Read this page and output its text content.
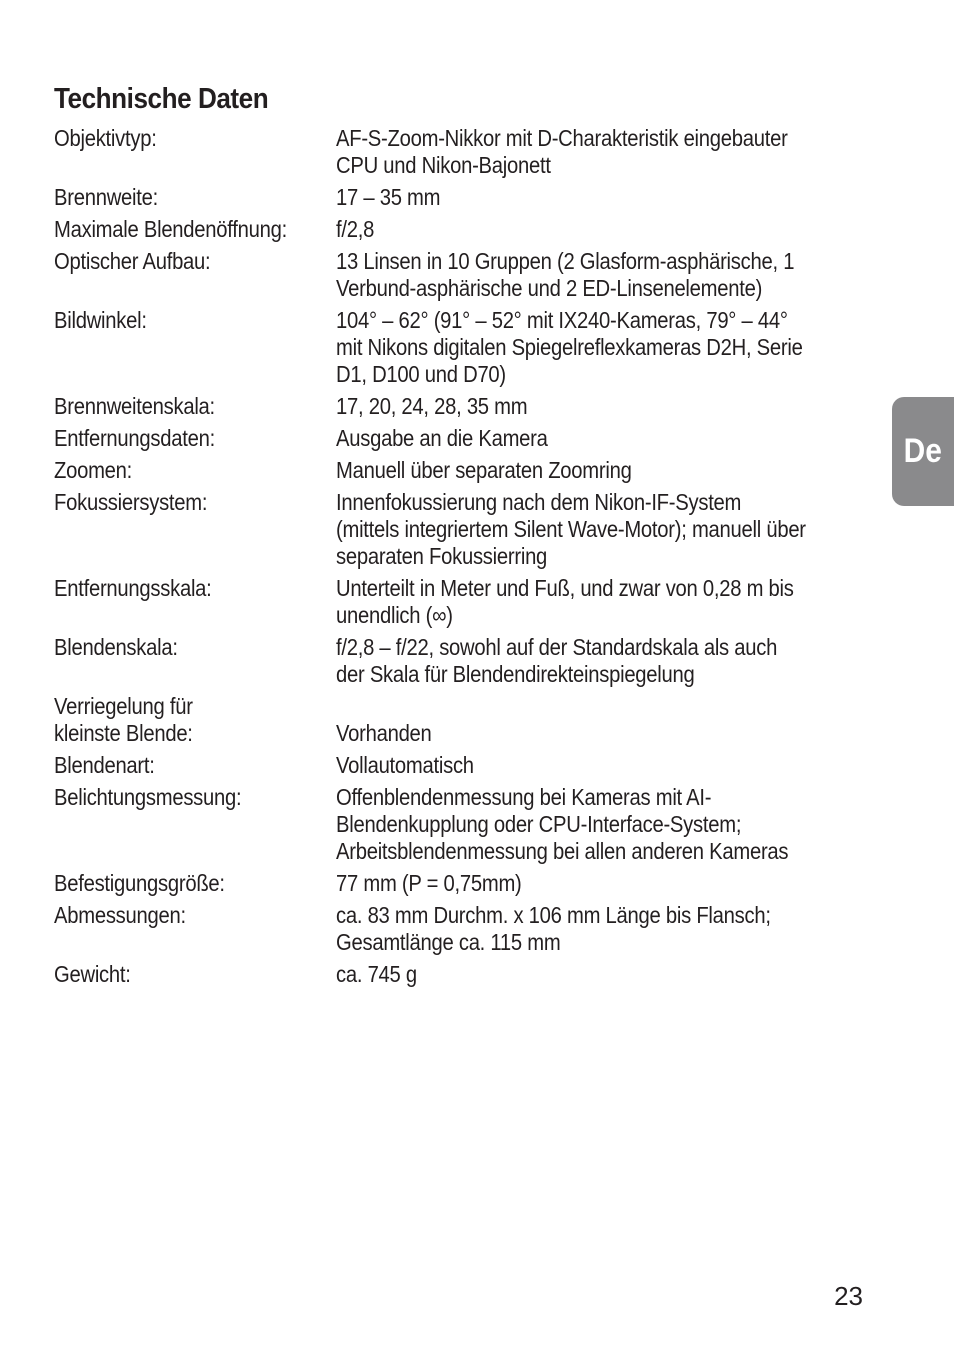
Technische Daten
Objektivtyp:	AF-S-Zoom-Nikkor mit D-Charakteristik eingebauter CPU und Nikon-Bajonett
Brennweite:	17 – 35 mm
Maximale Blendenöffnung:	f/2,8
Optischer Aufbau:	13 Linsen in 10 Gruppen (2 Glasform-asphärische, 1 Verbund-asphärische und 2 ED-Linsenelemente)
Bildwinkel:	104° – 62° (91° – 52° mit IX240-Kameras, 79° – 44° mit Nikons digitalen Spiegelreflexkameras D2H, Serie D1, D100 und D70)
Brennweitenskala:	17, 20, 24, 28, 35 mm
Entfernungsdaten:	Ausgabe an die Kamera
Zoomen:	Manuell über separaten Zoomring
Fokussiersystem:	Innenfokussierung nach dem Nikon-IF-System (mittels integriertem Silent Wave-Motor); manuell über separaten Fokussierring
Entfernungsskala:	Unterteilt in Meter und Fuß, und zwar von 0,28 m bis unendlich (∞)
Blendenskala:	f/2,8 – f/22, sowohl auf der Standardskala als auch der Skala für Blendendirekteinspiegelung
Verriegelung für
kleinste Blende:	Vorhanden
Blendenart:	Vollautomatisch
Belichtungsmessung:	Offenblendenmessung bei Kameras mit AI-Blendenkupplung oder CPU-Interface-System; Arbeitsblendenmessung bei allen anderen Kameras
Befestigungsgröße:	77 mm (P = 0,75mm)
Abmessungen:	ca. 83 mm Durchm. x 106 mm Länge bis Flansch; Gesamtlänge ca. 115 mm
Gewicht:	ca. 745 g
De
23
